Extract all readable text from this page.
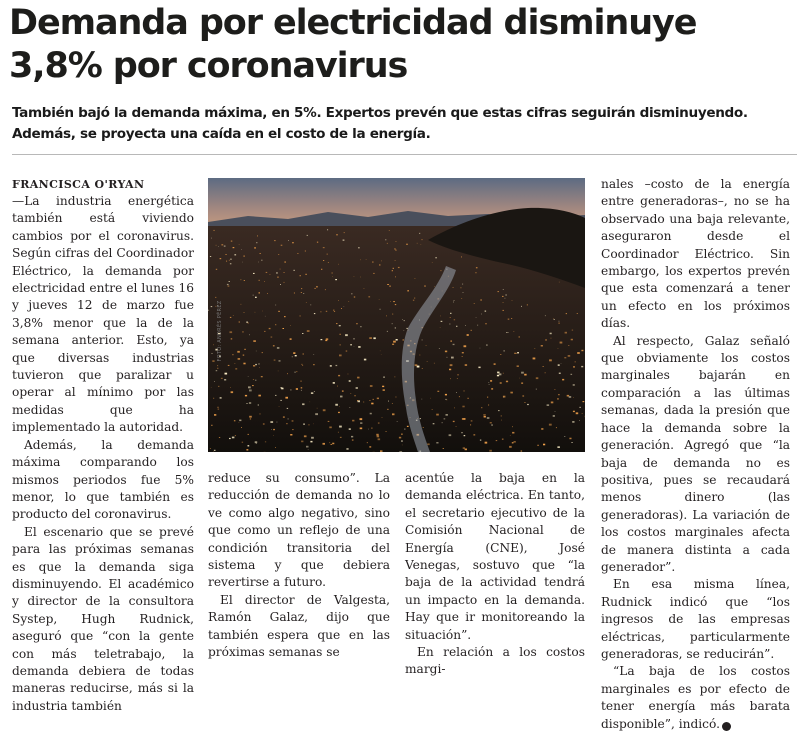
Demanda por electricidad disminuye 3,8% por coronavirus

También bajó la demanda máxima, en 5%. Expertos prevén que estas cifras seguirán disminuyendo. Además, se proyecta una caída en el costo de la energía.

FRANCISCA O'RYAN

—La industria energética también está viviendo cambios por el coronavirus. Según cifras del Coordinador Eléctrico, la demanda por electricidad entre el lunes 16 y jueves 12 de marzo fue 3,8% menor que la de la semana anterior. Esto, ya que diversas industrias tuvieron que paralizar u operar al mínimo por las medidas que ha implementado la autoridad.

Además, la demanda máxima comparando los mismos periodos fue 5% menor, lo que también es producto del coronavirus.

El escenario que se prevé para las próximas semanas es que la demanda siga disminuyendo. El académico y director de la consultora Systep, Hugh Rudnick, aseguró que “con la gente con más teletrabajo, la demanda debiera de todas maneras reducirse, más si la industria también

FOTO: ANDRÉS PÉREZ

reduce su consumo”. La reducción de demanda no lo ve como algo negativo, sino que como un reflejo de una condición transitoria del sistema y que debiera revertirse a futuro.

El director de Valgesta, Ramón Galaz, dijo que también espera que en las próximas semanas se

acentúe la baja en la demanda eléctrica. En tanto, el secretario ejecutivo de la Comisión Nacional de Energía (CNE), José Venegas, sostuvo que “la baja de la actividad tendrá un impacto en la demanda. Hay que ir monitoreando la situación”.

En relación a los costos margi-

nales –costo de la energía entre generadoras–, no se ha observado una baja relevante, aseguraron desde el Coordinador Eléctrico. Sin embargo, los expertos prevén que esta comenzará a tener un efecto en los próximos días.

Al respecto, Galaz señaló que obviamente los costos marginales bajarán en comparación a las últimas semanas, dada la presión que hace la demanda sobre la generación. Agregó que “la baja de demanda no es positiva, pues se recaudará menos dinero (las generadoras). La variación de los costos marginales afecta de manera distinta a cada generador”.

En esa misma línea, Rudnick indicó que “los ingresos de las empresas eléctricas, particularmente generadoras, se reducirán”.

“La baja de los costos marginales es por efecto de tener energía más barata disponible”, indicó. P
